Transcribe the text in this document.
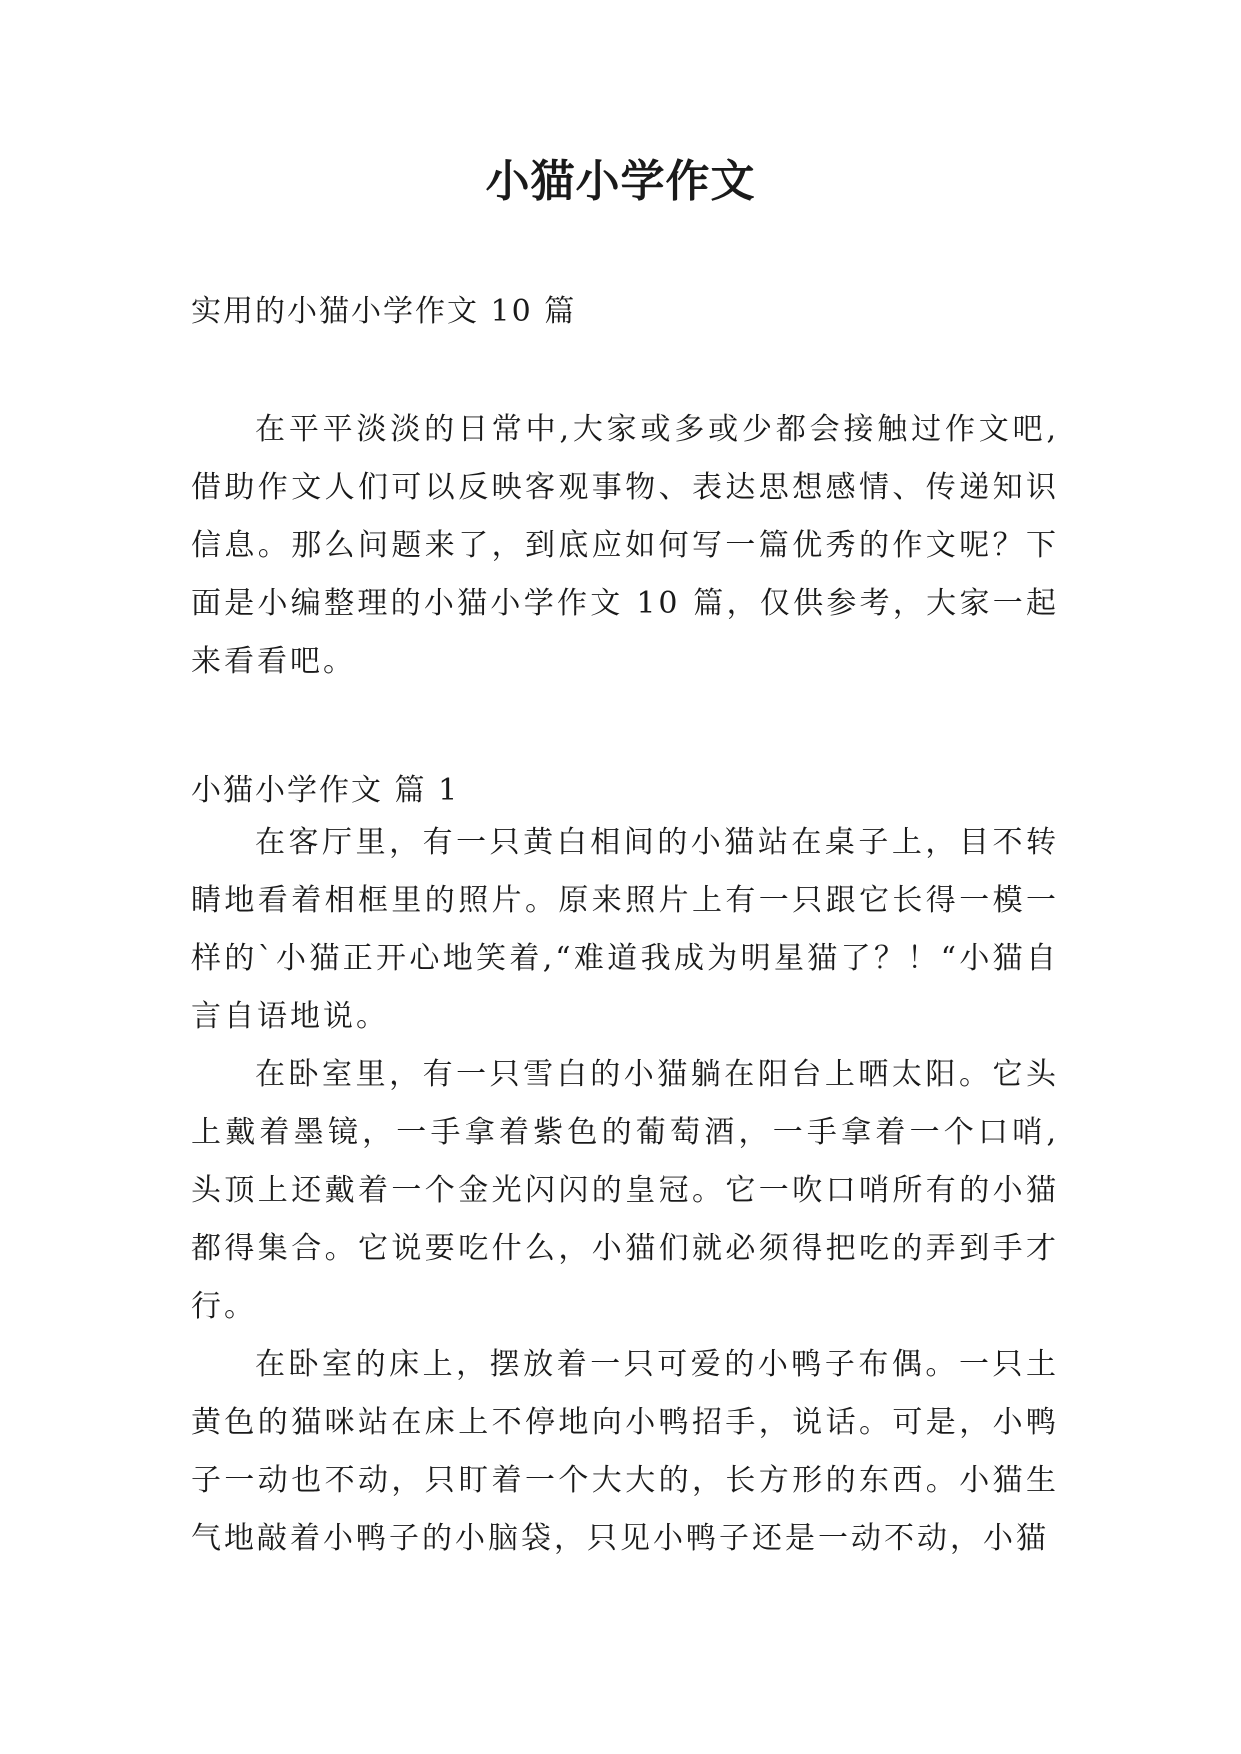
小猫小学作文
实用的小猫小学作文 10 篇

在平平淡淡的日常中,大家或多或少都会接触过作文吧,借助作文人们可以反映客观事物、表达思想感情、传递知识信息。那么问题来了，到底应如何写一篇优秀的作文呢？下面是小编整理的小猫小学作文 10 篇，仅供参考，大家一起来看看吧。

小猫小学作文 篇 1

在客厅里，有一只黄白相间的小猫站在桌子上，目不转睛地看着相框里的照片。原来照片上有一只跟它长得一模一样的`小猫正开心地笑着,“难道我成为明星猫了？！“小猫自言自语地说。

在卧室里，有一只雪白的小猫躺在阳台上晒太阳。它头上戴着墨镜，一手拿着紫色的葡萄酒，一手拿着一个口哨,头顶上还戴着一个金光闪闪的皇冠。它一吹口哨所有的小猫都得集合。它说要吃什么，小猫们就必须得把吃的弄到手才行。

在卧室的床上，摆放着一只可爱的小鸭子布偶。一只土黄色的猫咪站在床上不停地向小鸭招手，说话。可是，小鸭子一动也不动，只盯着一个大大的，长方形的东西。小猫生气地敲着小鸭子的小脑袋，只见小鸭子还是一动不动，小猫
